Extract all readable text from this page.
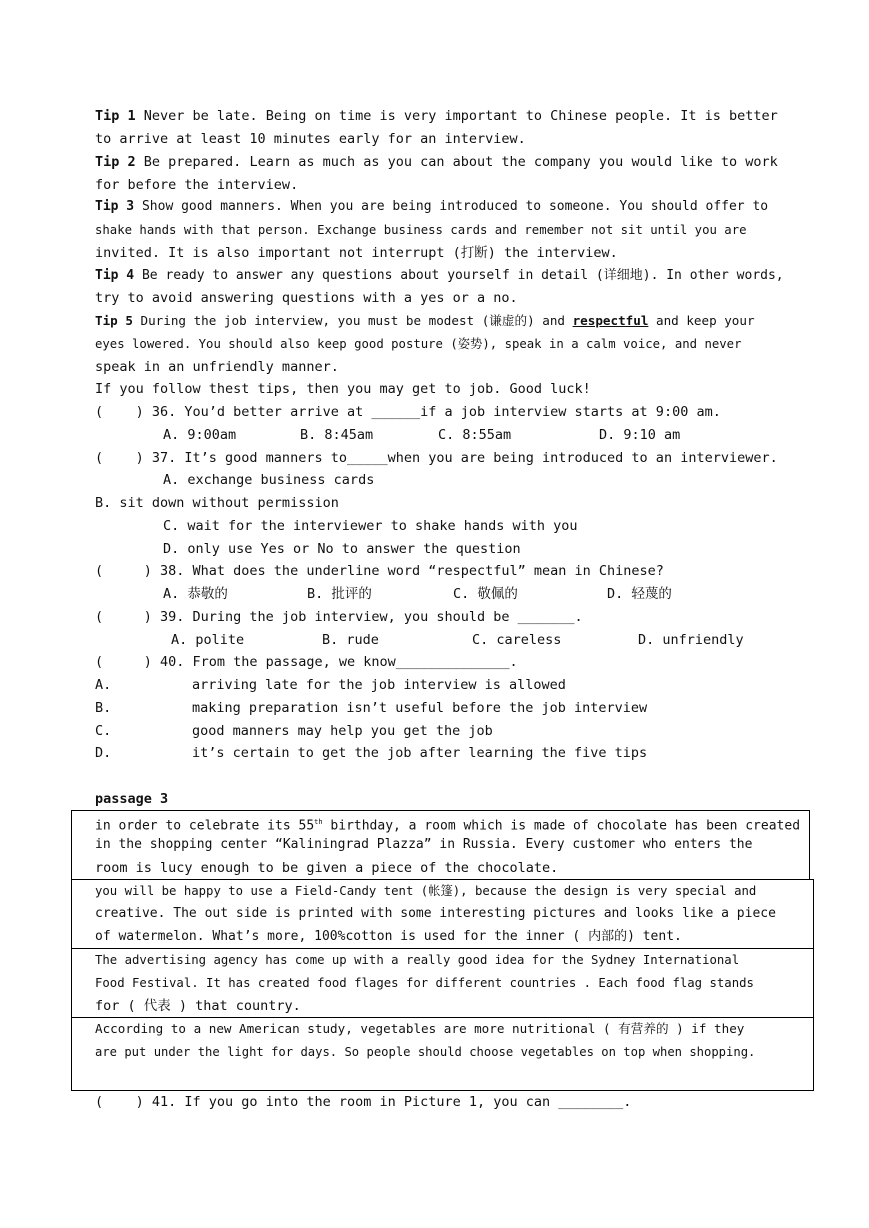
Tip 1 Never be late. Being on time is very important to Chinese people. It is better
to arrive at least 10 minutes early for an interview.
Tip 2 Be prepared. Learn as much as you can about the company you would like to work
for before the interview.
Tip 3 Show good manners. When you are being introduced to someone. You should offer to
shake hands with that person. Exchange business cards and remember not sit until you are
invited. It is also important not interrupt (打断) the interview.
Tip 4 Be ready to answer any questions about yourself in detail (详细地). In other words,
try to avoid answering questions with a yes or a no.
Tip 5 During the job interview, you must be modest (谦虚的) and respectful and keep your
eyes lowered. You should also keep good posture (姿势), speak in a calm voice, and never
speak in an unfriendly manner.
If you follow thest tips, then you may get to job. Good luck!
(    ) 36. You’d better arrive at ______if a job interview starts at 9:00 am.
A. 9:00am	B. 8:45am	C. 8:55am	D. 9:10 am
(    ) 37. It’s good manners to_____when you are being introduced to an interviewer.
A. exchange business cards
B. sit down without permission
C. wait for the interviewer to shake hands with you
D. only use Yes or No to answer the question
(     ) 38. What does the underline word “respectful” mean in Chinese?
A. 恭敬的	B. 批评的	C. 敬佩的	D. 轻蔑的
(     ) 39. During the job interview, you should be _______.
A. polite	B. rude	C. careless	D. unfriendly
(     ) 40. From the passage, we know______________.
A.	arriving late for the job interview is allowed
B.	making preparation isn’t useful before the job interview
C.	good manners may help you get the job
D.	it’s certain to get the job after learning the five tips
passage 3
in order to celebrate its 55th birthday, a room which is made of chocolate has been created
in the shopping center “Kaliningrad Plazza” in Russia. Every customer who enters the
room is lucy enough to be given a piece of the chocolate.
you will be happy to use a Field-Candy tent (帐篷), because the design is very special and
creative. The out side is printed with some interesting pictures and looks like a piece
of watermelon. What’s more, 100%cotton is used for the inner ( 内部的) tent.
The advertising agency has come up with a really good idea for the Sydney International
Food Festival. It has created food flages for different countries . Each food flag stands
for ( 代表 ) that country.
According to a new American study, vegetables are more nutritional ( 有营养的 ) if they
are put under the light for days. So people should choose vegetables on top when shopping.
(    ) 41. If you go into the room in Picture 1, you can ________.
